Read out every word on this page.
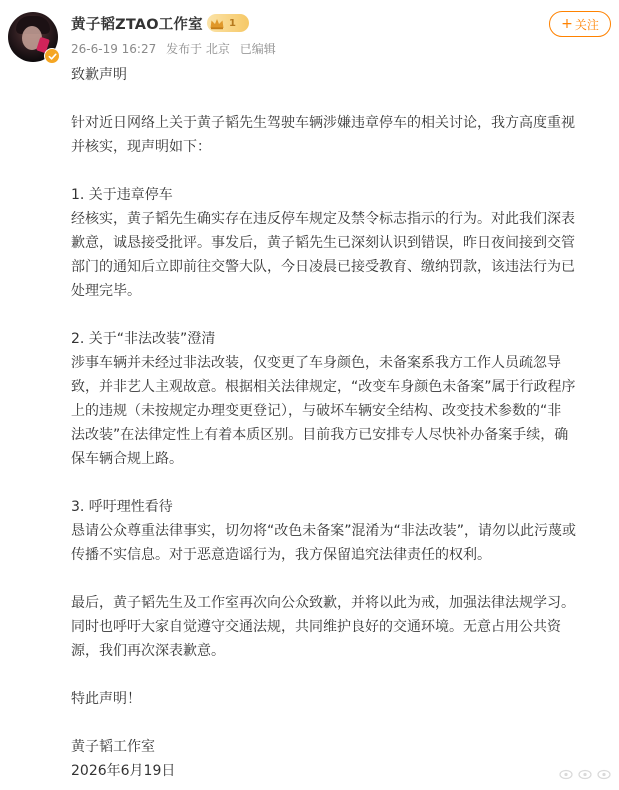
黄子韬ZTAO工作室	1
26-6-19 16:27 发布于 北京 已编辑
+ 关注

致歉声明

针对近日网络上关于黄子韬先生驾驶车辆涉嫌违章停车的相关讨论，我方高度重视

并核实，现声明如下：

1. 关于违章停车

经核实，黄子韬先生确实存在违反停车规定及禁令标志指示的行为。对此我们深表

歉意，诚恳接受批评。事发后，黄子韬先生已深刻认识到错误，昨日夜间接到交管

部门的通知后立即前往交警大队，今日凌晨已接受教育、缴纳罚款，该违法行为已

处理完毕。

2. 关于“非法改装”澄清

涉事车辆并未经过非法改装，仅变更了车身颜色，未备案系我方工作人员疏忽导

致，并非艺人主观故意。根据相关法律规定，“改变车身颜色未备案”属于行政程序

上的违规（未按规定办理变更登记），与破坏车辆安全结构、改变技术参数的“非

法改装”在法律定性上有着本质区别。目前我方已安排专人尽快补办备案手续，确

保车辆合规上路。

3. 呼吁理性看待

恳请公众尊重法律事实，切勿将“改色未备案”混淆为“非法改装”，请勿以此污蔑或

传播不实信息。对于恶意造谣行为，我方保留追究法律责任的权利。

最后，黄子韬先生及工作室再次向公众致歉，并将以此为戒，加强法律法规学习。

同时也呼吁大家自觉遵守交通法规，共同维护良好的交通环境。无意占用公共资

源，我们再次深表歉意。

特此声明！

黄子韬工作室

2026年6月19日
